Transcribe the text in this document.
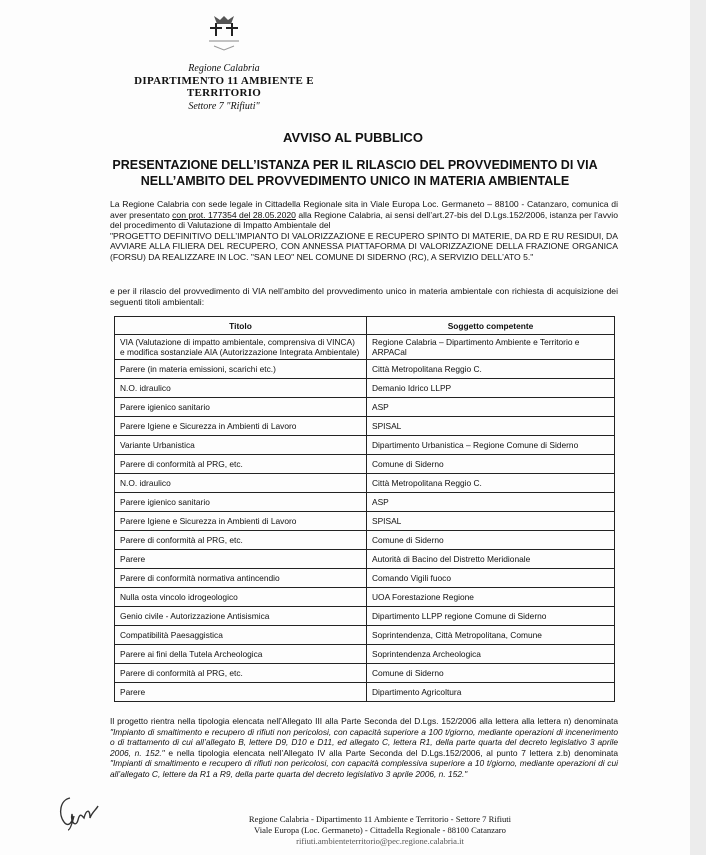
Regione Calabria
DIPARTIMENTO 11 AMBIENTE E TERRITORIO
Settore 7 "Rifiuti"
AVVISO AL PUBBLICO
PRESENTAZIONE DELL’ISTANZA PER IL RILASCIO DEL PROVVEDIMENTO DI VIA
NELL’AMBITO DEL PROVVEDIMENTO UNICO IN MATERIA AMBIENTALE
La Regione Calabria con sede legale in Cittadella Regionale sita in Viale Europa Loc. Germaneto – 88100 - Catanzaro, comunica di aver presentato con prot. 177354 del 28.05.2020 alla Regione Calabria, ai sensi dell’art.27-bis del D.Lgs.152/2006, istanza per l’avvio del procedimento di Valutazione di Impatto Ambientale del
"PROGETTO DEFINITIVO DELL’IMPIANTO DI VALORIZZAZIONE E RECUPERO SPINTO DI MATERIE, DA RD E RU RESIDUI, DA AVVIARE ALLA FILIERA DEL RECUPERO, CON ANNESSA PIATTAFORMA DI VALORIZZAZIONE DELLA FRAZIONE ORGANICA (FORSU) DA REALIZZARE IN LOC. "SAN LEO" NEL COMUNE DI SIDERNO (RC), A SERVIZIO DELL’ATO 5."
e per il rilascio del provvedimento di VIA nell’ambito del provvedimento unico in materia ambientale con richiesta di acquisizione dei seguenti titoli ambientali:
Titolo	Soggetto competente
VIA (Valutazione di impatto ambientale, comprensiva di VINCA) e modifica sostanziale AIA (Autorizzazione Integrata Ambientale)	Regione Calabria – Dipartimento Ambiente e Territorio e ARPACal
Parere (in materia emissioni, scarichi etc.)	Città Metropolitana Reggio C.
N.O. idraulico	Demanio Idrico LLPP
Parere igienico sanitario	ASP
Parere Igiene e Sicurezza in Ambienti di Lavoro	SPISAL
Variante Urbanistica	Dipartimento Urbanistica – Regione Comune di Siderno
Parere di conformità al PRG, etc.	Comune di Siderno
N.O. idraulico	Città Metropolitana Reggio C.
Parere igienico sanitario	ASP
Parere Igiene e Sicurezza in Ambienti di Lavoro	SPISAL
Parere di conformità al PRG, etc.	Comune di Siderno
Parere	Autorità di Bacino del Distretto Meridionale
Parere di conformità normativa antincendio	Comando Vigili fuoco
Nulla osta vincolo idrogeologico	UOA Forestazione Regione
Genio civile - Autorizzazione Antisismica	Dipartimento LLPP regione Comune di Siderno
Compatibilità Paesaggistica	Soprintendenza, Città Metropolitana, Comune
Parere ai fini della Tutela Archeologica	Soprintendenza Archeologica
Parere di conformità al PRG, etc.	Comune di Siderno
Parere	Dipartimento Agricoltura
Il progetto rientra nella tipologia elencata nell’Allegato III alla Parte Seconda del D.Lgs. 152/2006 alla lettera alla lettera n) denominata "Impianto di smaltimento e recupero di rifiuti non pericolosi, con capacità superiore a 100 t/giorno, mediante operazioni di incenerimento o di trattamento di cui all’allegato B, lettere D9, D10 e D11, ed allegato C, lettera R1, della parte quarta del decreto legislativo 3 aprile 2006, n. 152." e nella tipologia elencata nell’Allegato IV alla Parte Seconda del D.Lgs.152/2006, al punto 7 lettera z.b) denominata "Impianti di smaltimento e recupero di rifiuti non pericolosi, con capacità complessiva superiore a 10 t/giorno, mediante operazioni di cui all’allegato C, lettere da R1 a R9, della parte quarta del decreto legislativo 3 aprile 2006, n. 152."
Regione Calabria - Dipartimento 11 Ambiente e Territorio - Settore 7 Rifiuti
Viale Europa (Loc. Germaneto) - Cittadella Regionale - 88100 Catanzaro
rifiuti.ambienteterritorio@pec.regione.calabria.it
